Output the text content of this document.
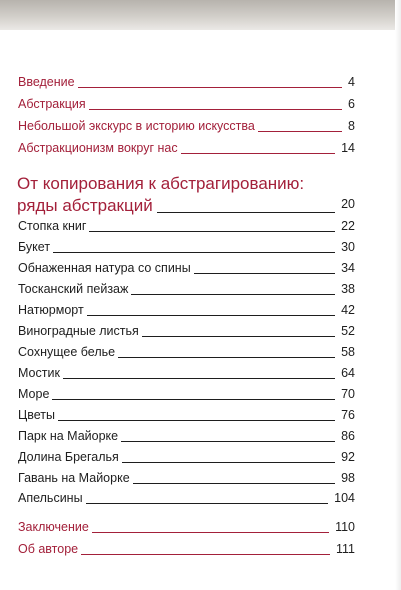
Введение	4
Абстракция	6
Небольшой экскурс в историю искусства	8
Абстракционизм вокруг нас	14
От копирования к абстрагированию:
ряды абстракций	20
Стопка книг	22
Букет	30
Обнаженная натура со спины	34
Тосканский пейзаж	38
Натюрморт	42
Виноградные листья	52
Сохнущее белье	58
Мостик	64
Море	70
Цветы	76
Парк на Майорке	86
Долина Брегалья	92
Гавань на Майорке	98
Апельсины	104
Заключение	110
Об авторе	111
